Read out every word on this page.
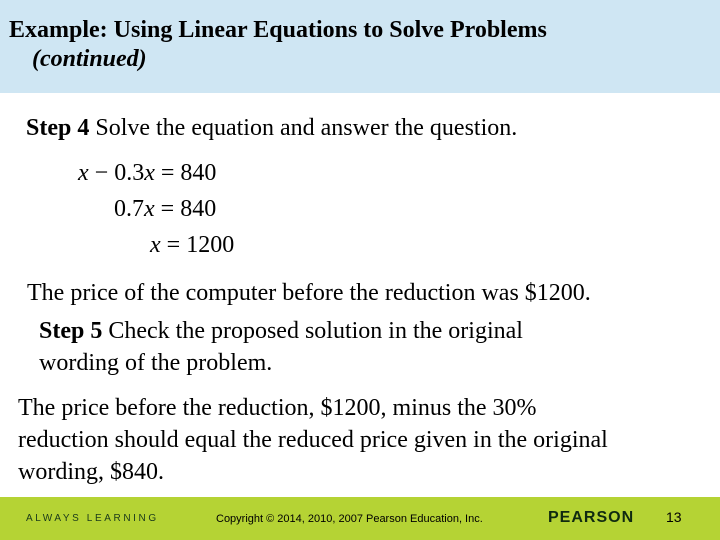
Example: Using Linear Equations to Solve Problems
(continued)
Step 4 Solve the equation and answer the question.
x − 0.3x = 840
0.7x = 840
x = 1200
The price of the computer before the reduction was $1200.
Step 5 Check the proposed solution in the original
wording of the problem.
The price before the reduction, $1200, minus the 30%
reduction should equal the reduced price given in the original
wording, $840.
ALWAYS LEARNING	Copyright © 2014, 2010, 2007 Pearson Education, Inc.	PEARSON 13
